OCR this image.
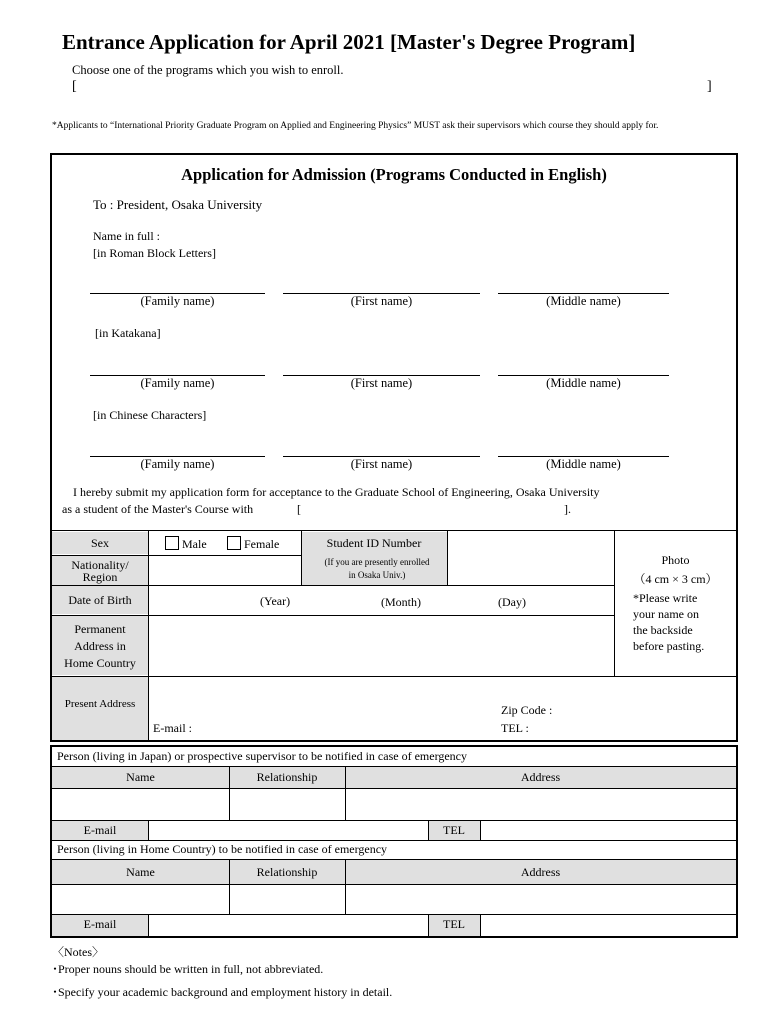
Entrance Application for April 2021 [Master's Degree Program]
Choose one of the programs which you wish to enroll.
[	]
*Applicants to “International Priority Graduate Program on Applied and Engineering Physics” MUST ask their supervisors which course they should apply for.
Application for Admission (Programs Conducted in English)
To : President, Osaka University
Name in full :
[in Roman Block Letters]
(Family name)	(First name)	(Middle name)
[in Katakana]
(Family name)	(First name)	(Middle name)
[in Chinese Characters]
(Family name)	(First name)	(Middle name)
I hereby submit my application form for acceptance to the Graduate School of Engineering, Osaka University
as a student of the Master's Course with	[	].
Sex	Male	Female	Student ID Number
(If you are presently enrolled
in Osaka Univ.)
Nationality/
Region
Date of Birth	(Year)	(Month)	(Day)
Permanent
Address in
Home Country
Present Address
E-mail :
Zip Code :
TEL :
Photo
（4 cm × 3 cm）
*Please write
your name on
the backside
before pasting.
Person (living in Japan) or prospective supervisor to be notified in case of emergency
Name	Relationship	Address
E-mail	TEL
Person (living in Home Country) to be notified in case of emergency
Name	Relationship	Address
E-mail	TEL
〈Notes〉
･Proper nouns should be written in full, not abbreviated.
･Specify your academic background and employment history in detail.
